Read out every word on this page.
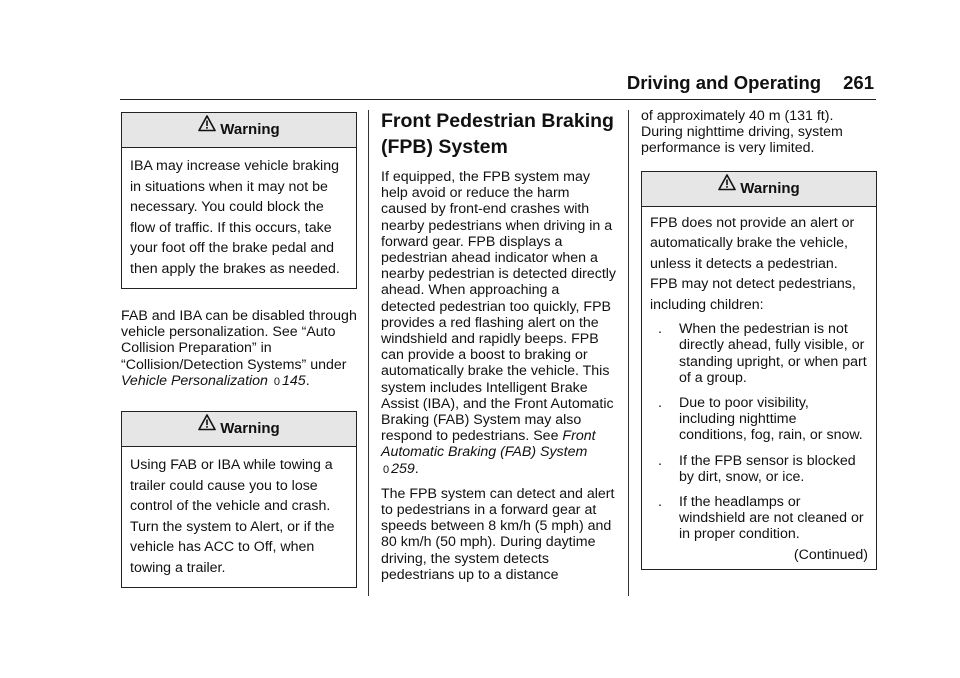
Driving and Operating 261
Warning

IBA may increase vehicle braking

in situations when it may not be

necessary. You could block the

flow of traffic. If this occurs, take

your foot off the brake pedal and

then apply the brakes as needed.

FAB and IBA can be disabled through vehicle personalization. See “Auto Collision Preparation” in “Collision/Detection Systems” under Vehicle Personalization 0 145.

Warning

Using FAB or IBA while towing a

trailer could cause you to lose

control of the vehicle and crash.

Turn the system to Alert, or if the

vehicle has ACC to Off, when

towing a trailer.

Front Pedestrian Braking (FPB) System

If equipped, the FPB system may help avoid or reduce the harm caused by front-end crashes with nearby pedestrians when driving in a forward gear. FPB displays a pedestrian ahead indicator when a nearby pedestrian is detected directly ahead. When approaching a detected pedestrian too quickly, FPB provides a red flashing alert on the windshield and rapidly beeps. FPB can provide a boost to braking or automatically brake the vehicle. This system includes Intelligent Brake Assist (IBA), and the Front Automatic Braking (FAB) System may also respond to pedestrians. See Front Automatic Braking (FAB) System 0 259.

The FPB system can detect and alert to pedestrians in a forward gear at speeds between 8 km/h (5 mph) and 80 km/h (50 mph). During daytime driving, the system detects pedestrians up to a distance

of approximately 40 m (131 ft). During nighttime driving, system performance is very limited.

Warning

FPB does not provide an alert or

automatically brake the vehicle,

unless it detects a pedestrian.

FPB may not detect pedestrians,

including children:

. When the pedestrian is not directly ahead, fully visible, or standing upright, or when part of a group.
. Due to poor visibility, including nighttime conditions, fog, rain, or snow.
. If the FPB sensor is blocked by dirt, snow, or ice.
. If the headlamps or windshield are not cleaned or in proper condition.
(Continued)
